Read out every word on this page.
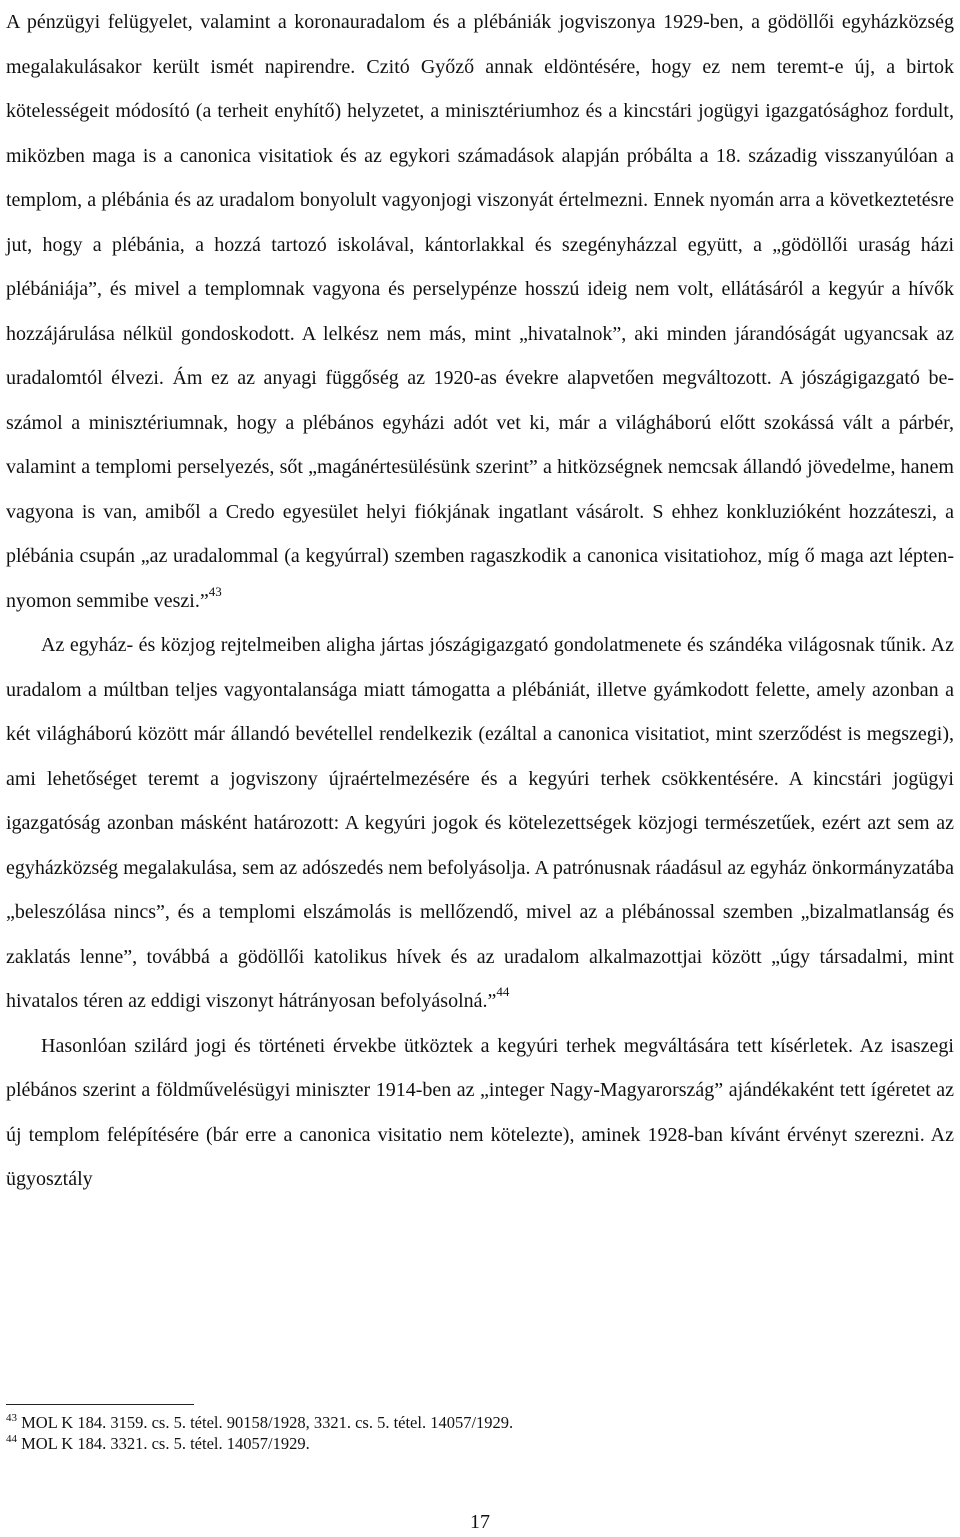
A pénzügyi felügyelet, valamint a koronauradalom és a plébániák jogviszonya 1929-ben, a gödöllői egyházközség megalakulásakor került ismét napirendre. Czitó Győző annak eldöntésére, hogy ez nem teremt-e új, a birtok kötelességeit módosító (a terheit enyhítő) helyzetet, a minisztériumhoz és a kincstári jogügyi igazgatósághoz fordult, miközben maga is a canonica visitatiok és az egykori számadások alapján próbálta a 18. századig visszanyúlóan a templom, a plébánia és az uradalom bonyolult vagyonjogi viszonyát értelmezni. Ennek nyomán arra a következtetésre jut, hogy a plébánia, a hozzá tartozó iskolával, kántorlakkal és szegényházzal együtt, a „gödöllői uraság házi plébániája”, és mivel a templomnak vagyona és perselypénze hosszú ideig nem volt, ellátásáról a kegyúr a hívők hozzájárulása nélkül gondoskodott. A lelkész nem más, mint „hivatalnok”, aki minden járandóságát ugyancsak az uradalomtól élvezi. Ám ez az anyagi függőség az 1920-as évekre alapvetően megváltozott. A jószágigazgató beszámol a minisztériumnak, hogy a plébános egyházi adót vet ki, már a világháború előtt szokássá vált a párbér, valamint a templomi perselyezés, sőt „magánértesülésünk szerint” a hitközségnek nemcsak állandó jövedelme, hanem vagyona is van, amiből a Credo egyesület helyi fiókjának ingatlant vásárolt. S ehhez konkluzióként hozzáteszi, a plébánia csupán „az uradalommal (a kegyúrral) szemben ragaszkodik a canonica visitatiohoz, míg ő maga azt léptennyomon semmibe veszi.”$^{43}$

Az egyház- és közjog rejtelmeiben aligha jártas jószágigazgató gondolatmenete és szándéka világosnak tűnik. Az uradalom a múltban teljes vagyontalansága miatt támogatta a plébániát, illetve gyámkodott felette, amely azonban a két világháború között már állandó bevétellel rendelkezik (ezáltal a canonica visitatiot, mint szerződést is megszegi), ami lehetőséget teremt a jogviszony újraértelmezésére és a kegyúri terhek csökkentésére. A kincstári jogügyi igazgatóság azonban másként határozott: A kegyúri jogok és kötelezettségek közjogi természetűek, ezért azt sem az egyházközség megalakulása, sem az adószedés nem befolyásolja. A patrónusnak ráadásul az egyház önkormányzatába „beleszólása nincs”, és a templomi elszámolás is mellőzendő, mivel az a plébánossal szemben „bizalmatlanság és zaklatás lenne”, továbbá a gödöllői katolikus hívek és az uradalom alkalmazottjai között „úgy társadalmi, mint hivatalos téren az eddigi viszonyt hátrányosan befolyásolná.”$^{44}$

Hasonlóan szilárd jogi és történeti érvekbe ütköztek a kegyúri terhek megváltására tett kísérletek. Az isaszegi plébános szerint a földművelésügyi miniszter 1914-ben az „integer Nagy-Magyarország” ajándékaként tett ígéretet az új templom felépítésére (bár erre a canonica visitatio nem kötelezte), aminek 1928-ban kívánt érvényt szerezni. Az ügyosztály

$^{43}$ MOL K 184. 3159. cs. 5. tétel. 90158/1928, 3321. cs. 5. tétel. 14057/1929.
$^{44}$ MOL K 184. 3321. cs. 5. tétel. 14057/1929.
17
